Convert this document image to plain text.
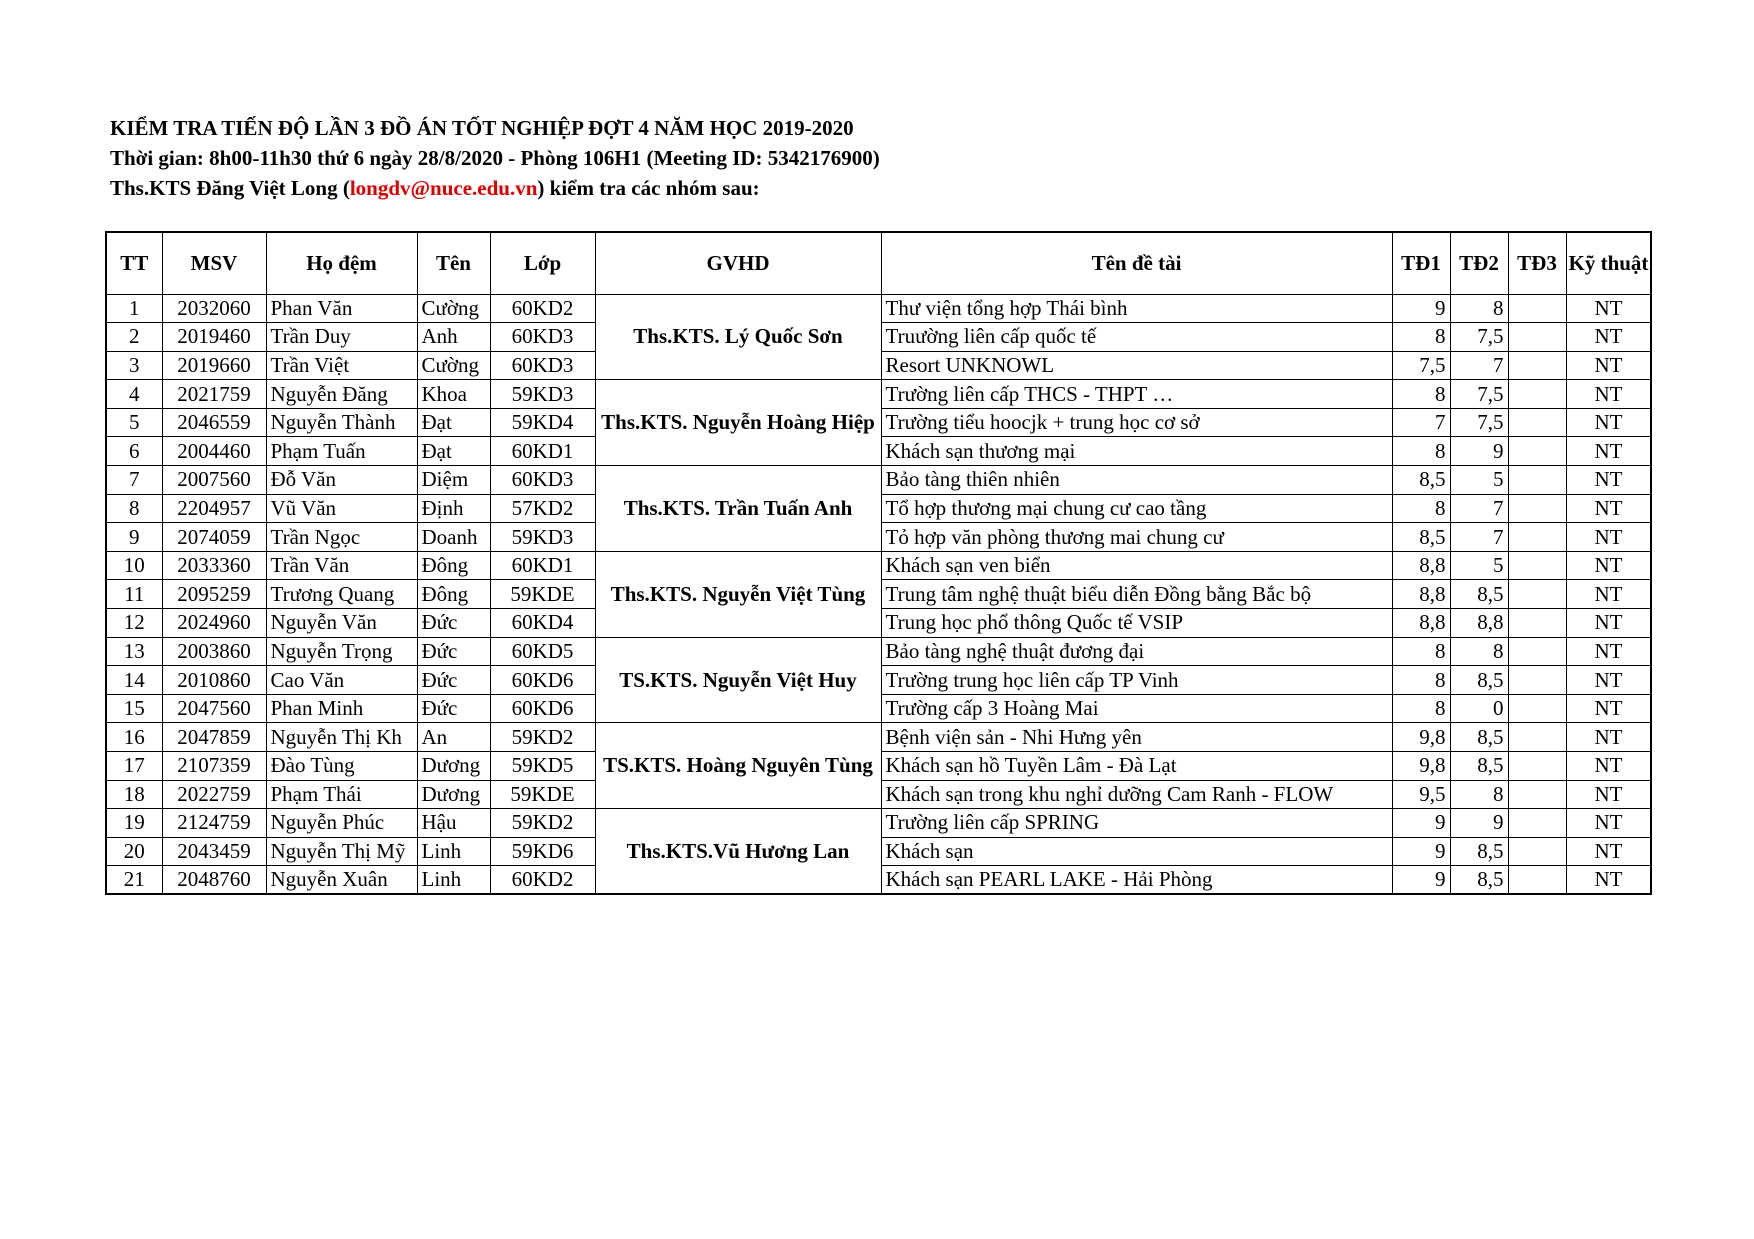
KIỂM TRA TIẾN ĐỘ LẦN 3 ĐỒ ÁN TỐT NGHIỆP ĐỢT 4 NĂM HỌC 2019-2020
Thời gian: 8h00-11h30 thứ 6 ngày 28/8/2020 - Phòng 106H1 (Meeting ID: 5342176900)
Ths.KTS Đăng Việt Long (longdv@nuce.edu.vn) kiểm tra các nhóm sau:
TT	MSV	Họ đệm	Tên	Lớp	GVHD	Tên đề tài	TĐ1	TĐ2	TĐ3	Kỹ thuật
1	2032060	Phan Văn	Cường	60KD2	Ths.KTS. Lý Quốc Sơn	Thư viện tổng hợp Thái bình	9	8		NT
2	2019460	Trần Duy	Anh	60KD3		Truường liên cấp quốc tế	8	7,5		NT
3	2019660	Trần Việt	Cường	60KD3		Resort UNKNOWL	7,5	7		NT
4	2021759	Nguyễn Đăng	Khoa	59KD3	Ths.KTS. Nguyễn Hoàng Hiệp	Trường liên cấp THCS - THPT …	8	7,5		NT
5	2046559	Nguyễn Thành	Đạt	59KD4		Trường tiểu hoocjk + trung học cơ sở	7	7,5		NT
6	2004460	Phạm Tuấn	Đạt	60KD1		Khách sạn thương mại	8	9		NT
7	2007560	Đỗ Văn	Diệm	60KD3	Ths.KTS. Trần Tuấn Anh	Bảo tàng thiên nhiên	8,5	5		NT
8	2204957	Vũ Văn	Định	57KD2		Tổ hợp thương mại chung cư cao tầng	8	7		NT
9	2074059	Trần Ngọc	Doanh	59KD3		Tỏ hợp văn phòng thương mai chung cư	8,5	7		NT
10	2033360	Trần Văn	Đông	60KD1	Ths.KTS. Nguyễn Việt Tùng	Khách sạn ven biển	8,8	5		NT
11	2095259	Trương Quang	Đông	59KDE		Trung tâm nghệ thuật biểu diễn Đồng bằng Bắc bộ	8,8	8,5		NT
12	2024960	Nguyễn Văn	Đức	60KD4		Trung học phổ thông Quốc tế VSIP	8,8	8,8		NT
13	2003860	Nguyễn Trọng	Đức	60KD5	TS.KTS. Nguyễn Việt Huy	Bảo tàng nghệ thuật đương đại	8	8		NT
14	2010860	Cao Văn	Đức	60KD6		Trường trung học liên cấp TP Vinh	8	8,5		NT
15	2047560	Phan Minh	Đức	60KD6		Trường cấp 3 Hoàng Mai	8	0		NT
16	2047859	Nguyễn Thị Kh	An	59KD2	TS.KTS. Hoàng Nguyên Tùng	Bệnh viện sản - Nhi Hưng yên	9,8	8,5		NT
17	2107359	Đào Tùng	Dương	59KD5		Khách sạn hồ Tuyền Lâm - Đà Lạt	9,8	8,5		NT
18	2022759	Phạm Thái	Dương	59KDE		Khách sạn trong khu nghỉ dưỡng Cam Ranh - FLOW	9,5	8		NT
19	2124759	Nguyễn Phúc	Hậu	59KD2	Ths.KTS.Vũ Hương Lan	Trường liên cấp SPRING	9	9		NT
20	2043459	Nguyễn Thị Mỹ	Linh	59KD6		Khách sạn	9	8,5		NT
21	2048760	Nguyễn Xuân	Linh	60KD2		Khách sạn PEARL LAKE - Hải Phòng	9	8,5		NT
